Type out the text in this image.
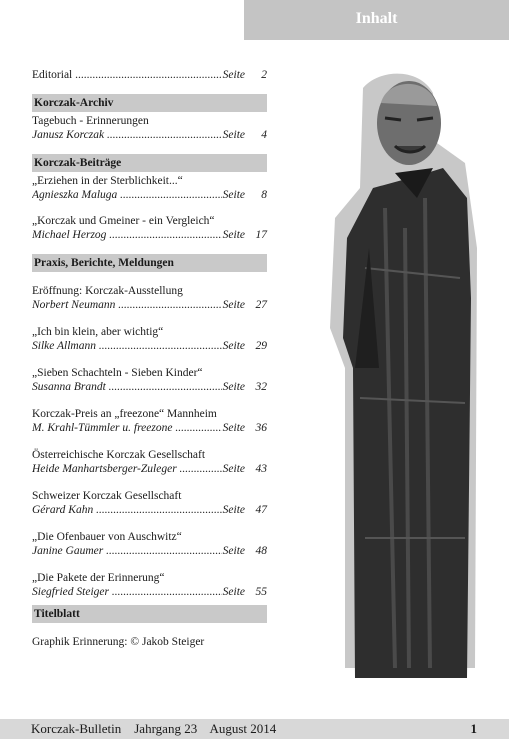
Inhalt
Editorial .....	Seite	2
Korczak-Archiv
Tagebuch - Erinnerungen
Janusz Korczak .....	Seite	4
Korczak-Beiträge
„Erziehen in der Sterblichkeit...“
Agnieszka Maluga .....	Seite	8
„Korczak und Gmeiner - ein Vergleich“
Michael Herzog .....	Seite 17
Praxis, Berichte, Meldungen
Eröffnung: Korczak-Ausstellung
Norbert Neumann .....	Seite 27
„Ich bin klein, aber wichtig“
Silke Allmann .....	Seite 29
„Sieben Schachteln - Sieben Kinder“
Susanna Brandt .....	Seite 32
Korczak-Preis an „freezone“ Mannheim
M. Krahl-Tümmler u. freezone .....	Seite 36
Österreichische Korczak Gesellschaft
Heide Manhartsberger-Zuleger .....	Seite 43
Schweizer Korczak Gesellschaft
Gérard Kahn .....	Seite 47
„Die Ofenbauer von Auschwitz“
Janine Gaumer .....	Seite 48
„Die Pakete der Erinnerung“
Siegfried Steiger .....	Seite 55
Titelblatt
Graphik Erinnerung: © Jakob Steiger
Korczak-Bulletin    Jahrgang 23    August 2014	1
